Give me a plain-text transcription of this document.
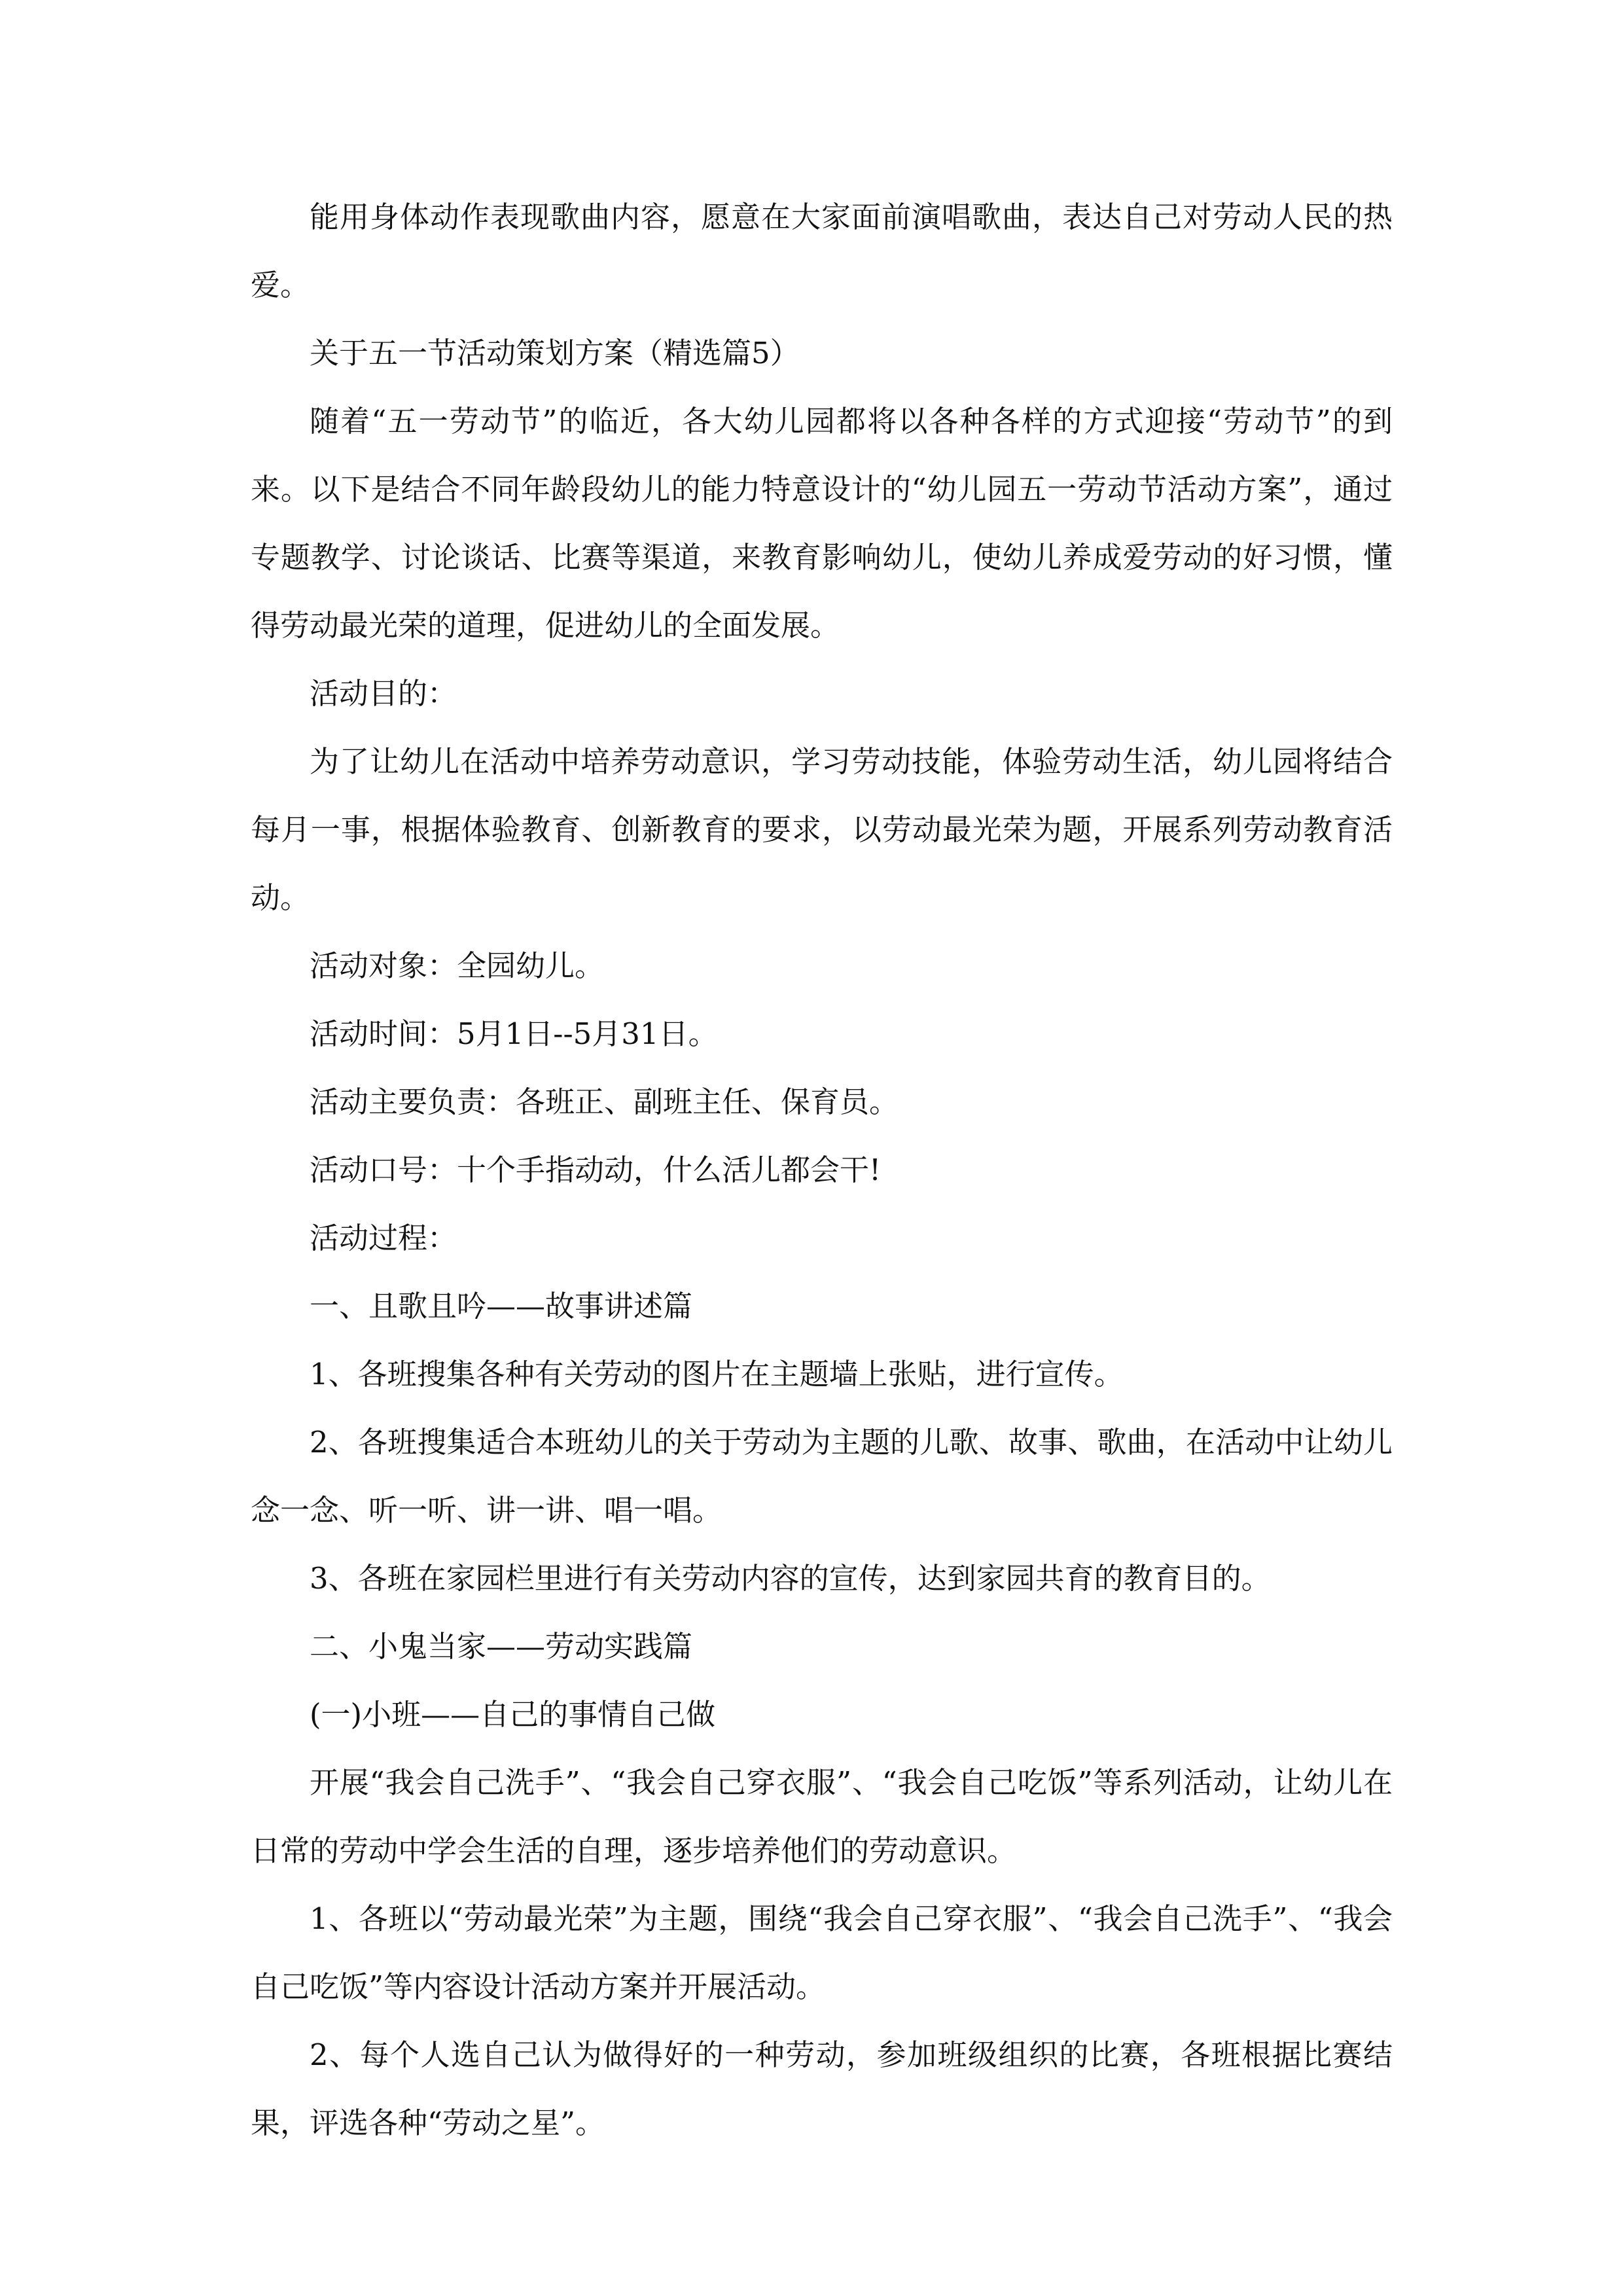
能用身体动作表现歌曲内容，愿意在大家面前演唱歌曲，表达自己对劳动人民的热爱。

关于五一节活动策划方案（精选篇5）

随着“五一劳动节”的临近，各大幼儿园都将以各种各样的方式迎接“劳动节”的到来。以下是结合不同年龄段幼儿的能力特意设计的“幼儿园五一劳动节活动方案”，通过专题教学、讨论谈话、比赛等渠道，来教育影响幼儿，使幼儿养成爱劳动的好习惯，懂得劳动最光荣的道理，促进幼儿的全面发展。

活动目的：

为了让幼儿在活动中培养劳动意识，学习劳动技能，体验劳动生活，幼儿园将结合每月一事，根据体验教育、创新教育的要求，以劳动最光荣为题，开展系列劳动教育活动。

活动对象：全园幼儿。

活动时间：5月1日--5月31日。

活动主要负责：各班正、副班主任、保育员。

活动口号：十个手指动动，什么活儿都会干!

活动过程：

一、且歌且吟——故事讲述篇

1、各班搜集各种有关劳动的图片在主题墙上张贴，进行宣传。

2、各班搜集适合本班幼儿的关于劳动为主题的儿歌、故事、歌曲，在活动中让幼儿念一念、听一听、讲一讲、唱一唱。

3、各班在家园栏里进行有关劳动内容的宣传，达到家园共育的教育目的。

二、小鬼当家——劳动实践篇

(一)小班——自己的事情自己做

开展“我会自己洗手”、“我会自己穿衣服”、“我会自己吃饭”等系列活动，让幼儿在日常的劳动中学会生活的自理，逐步培养他们的劳动意识。

1、各班以“劳动最光荣”为主题，围绕“我会自己穿衣服”、“我会自己洗手”、“我会自己吃饭”等内容设计活动方案并开展活动。

2、每个人选自己认为做得好的一种劳动，参加班级组织的比赛，各班根据比赛结果，评选各种“劳动之星”。
